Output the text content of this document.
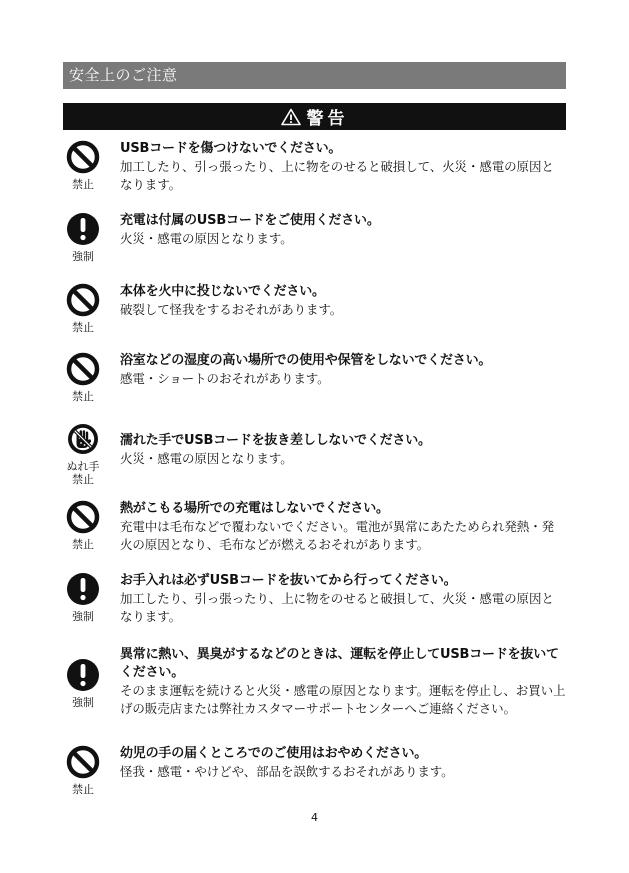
安全上のご注意
警告
禁止

USBコードを傷つけないでください。

加工したり、引っ張ったり、上に物をのせると破損して、火災・感電の原因となります。

強制

充電は付属のUSBコードをご使用ください。

火災・感電の原因となります。

禁止

本体を火中に投じないでください。

破裂して怪我をするおそれがあります。

禁止

浴室などの湿度の高い場所での使用や保管をしないでください。

感電・ショートのおそれがあります。

ぬれ手
禁止

濡れた手でUSBコードを抜き差ししないでください。

火災・感電の原因となります。

禁止

熱がこもる場所での充電はしないでください。

充電中は毛布などで覆わないでください。電池が異常にあたためられ発熱・発火の原因となり、毛布などが燃えるおそれがあります。

強制

お手入れは必ずUSBコードを抜いてから行ってください。

加工したり、引っ張ったり、上に物をのせると破損して、火災・感電の原因となります。

強制

異常に熱い、異臭がするなどのときは、運転を停止してUSBコードを抜いてください。

そのまま運転を続けると火災・感電の原因となります。運転を停止し、お買い上げの販売店または弊社カスタマーサポートセンターへご連絡ください。

禁止

幼児の手の届くところでのご使用はおやめください。

怪我・感電・やけどや、部品を誤飲するおそれがあります。

4
